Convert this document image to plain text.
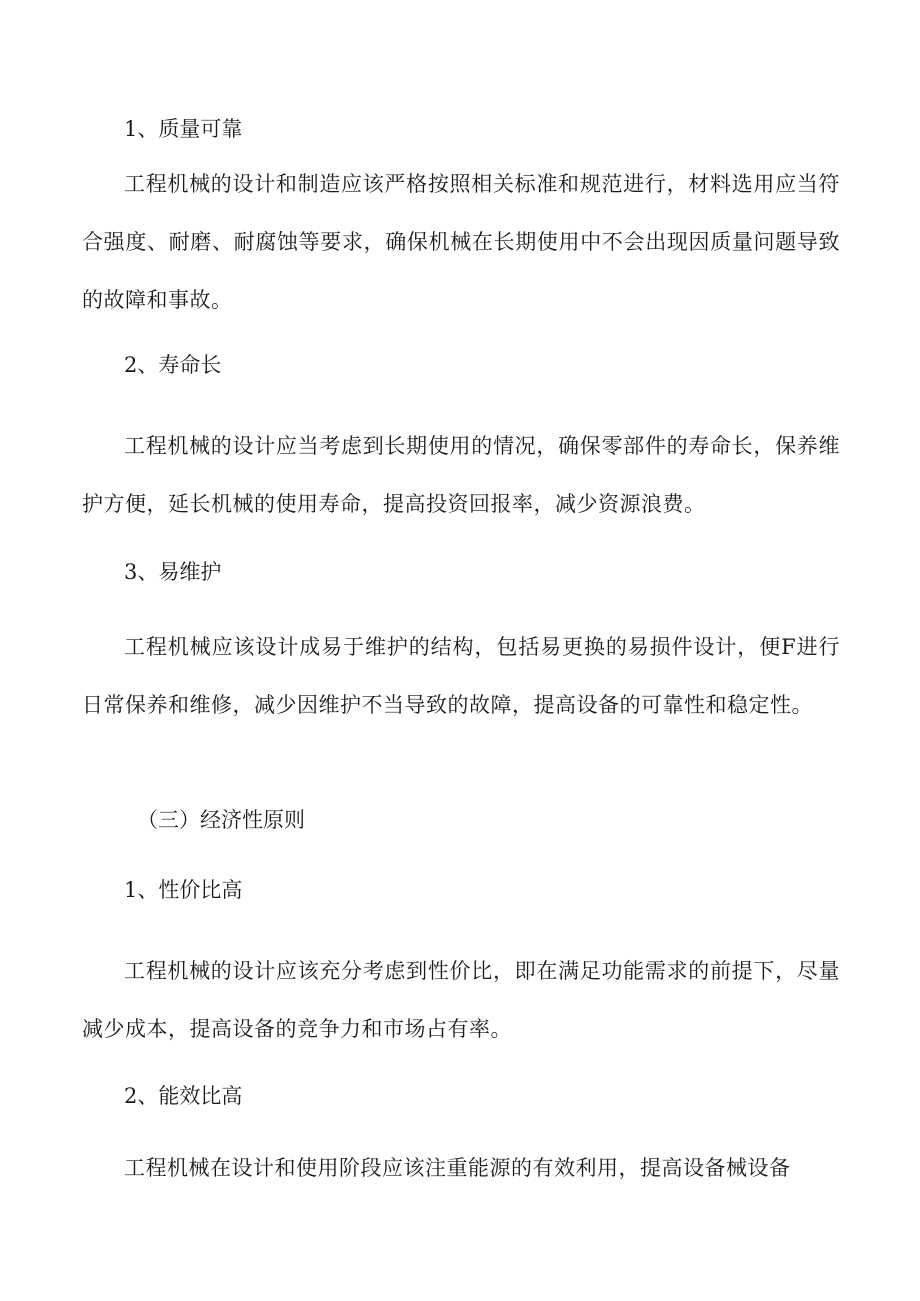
1、质量可靠

工程机械的设计和制造应该严格按照相关标准和规范进行，材料选用应当符合强度、耐磨、耐腐蚀等要求，确保机械在长期使用中不会出现因质量问题导致的故障和事故。

2、寿命长

工程机械的设计应当考虑到长期使用的情况，确保零部件的寿命长，保养维护方便，延长机械的使用寿命，提高投资回报率，减少资源浪费。

3、易维护

工程机械应该设计成易于维护的结构，包括易更换的易损件设计，便F进行日常保养和维修，减少因维护不当导致的故障，提高设备的可靠性和稳定性。

（三）经济性原则

1、性价比高

工程机械的设计应该充分考虑到性价比，即在满足功能需求的前提下，尽量减少成本，提高设备的竞争力和市场占有率。

2、能效比高

工程机械在设计和使用阶段应该注重能源的有效利用，提高设备械设备
